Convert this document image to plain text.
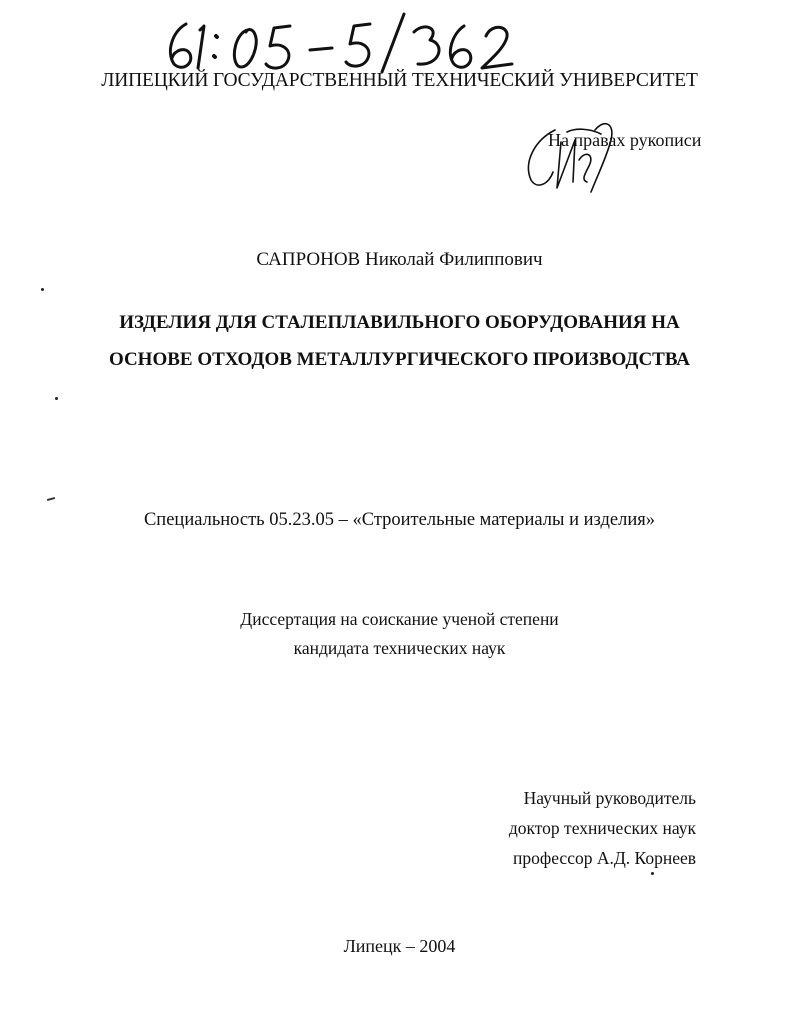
ЛИПЕЦКИЙ ГОСУДАРСТВЕННЫЙ ТЕХНИЧЕСКИЙ УНИВЕРСИТЕТ
На правах рукописи
САПРОНОВ Николай Филиппович
ИЗДЕЛИЯ ДЛЯ СТАЛЕПЛАВИЛЬНОГО ОБОРУДОВАНИЯ НА
ОСНОВЕ ОТХОДОВ МЕТАЛЛУРГИЧЕСКОГО ПРОИЗВОДСТВА
Специальность 05.23.05 – «Строительные материалы и изделия»
Диссертация на соискание ученой степени
кандидата технических наук
Научный руководитель
доктор технических наук
профессор А.Д. Корнеев
Липецк – 2004
